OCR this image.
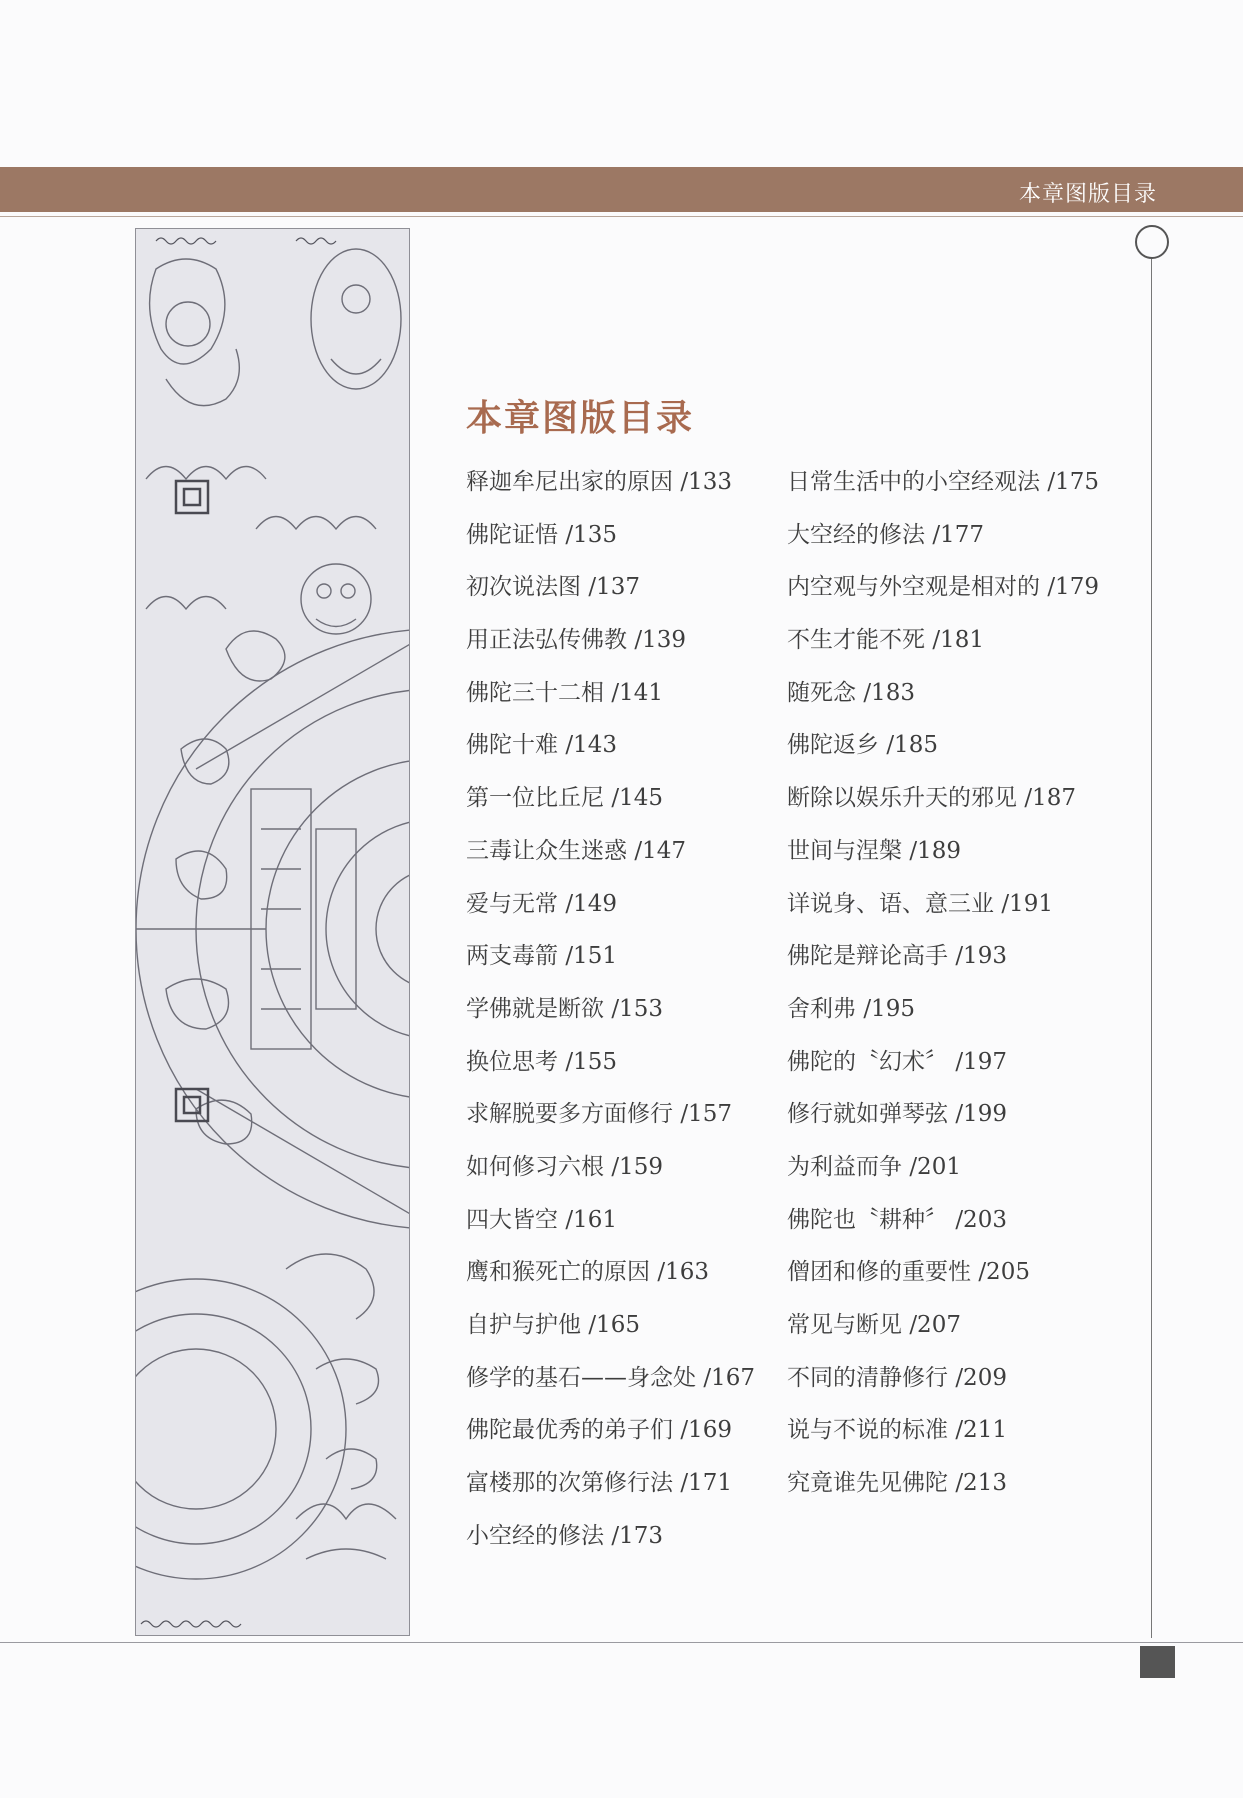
本章图版目录
本章图版目录
释迦牟尼出家的原因 /133
佛陀证悟 /135
初次说法图 /137
用正法弘传佛教 /139
佛陀三十二相 /141
佛陀十难 /143
第一位比丘尼 /145
三毒让众生迷惑 /147
爱与无常 /149
两支毒箭 /151
学佛就是断欲 /153
换位思考 /155
求解脱要多方面修行 /157
如何修习六根 /159
四大皆空 /161
鹰和猴死亡的原因 /163
自护与护他 /165
修学的基石——身念处 /167
佛陀最优秀的弟子们 /169
富楼那的次第修行法 /171
小空经的修法 /173
日常生活中的小空经观法 /175
大空经的修法 /177
内空观与外空观是相对的 /179
不生才能不死 /181
随死念 /183
佛陀返乡 /185
断除以娱乐升天的邪见 /187
世间与涅槃 /189
详说身、语、意三业 /191
佛陀是辩论高手 /193
舍利弗 /195
佛陀的〝幻术〞 /197
修行就如弹琴弦 /199
为利益而争 /201
佛陀也〝耕种〞 /203
僧团和修的重要性 /205
常见与断见 /207
不同的清静修行 /209
说与不说的标准 /211
究竟谁先见佛陀 /213
